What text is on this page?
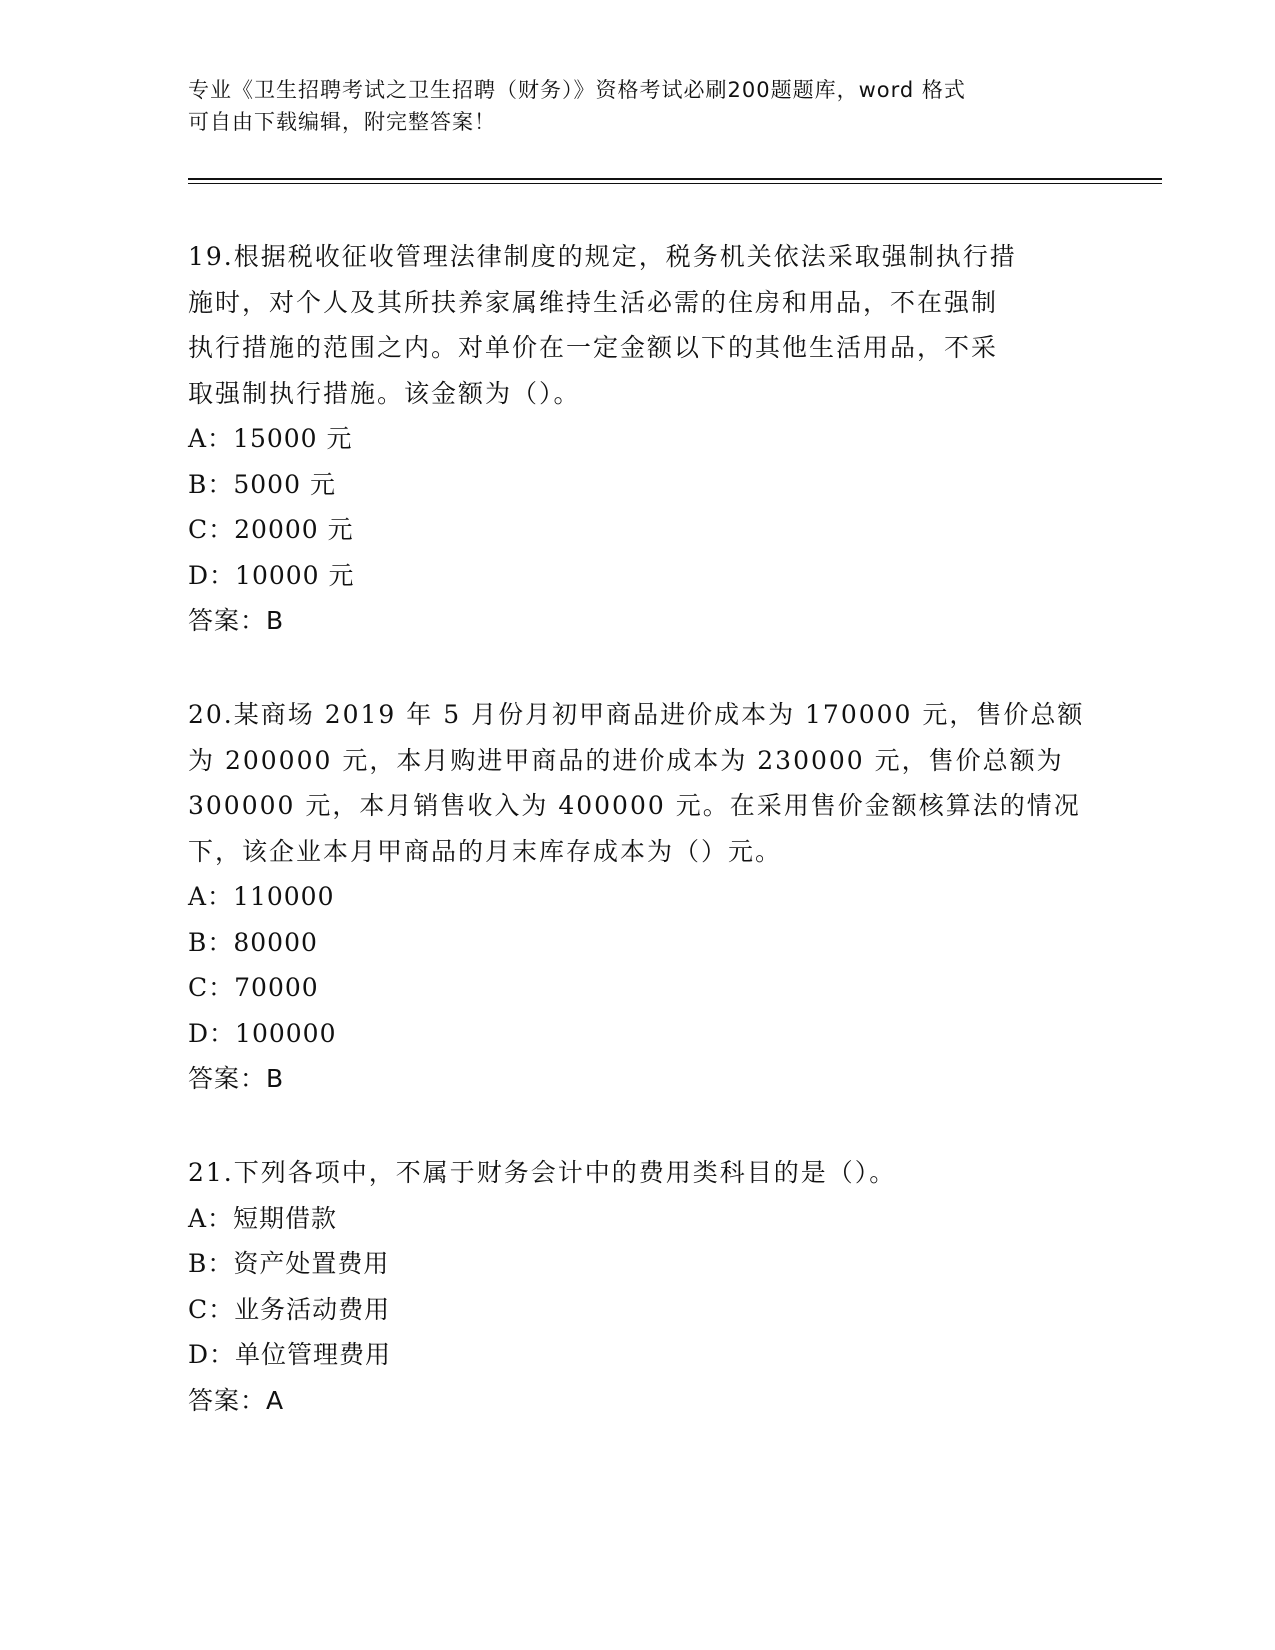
专业《卫生招聘考试之卫生招聘（财务）》资格考试必刷200题题库，word 格式
可自由下载编辑，附完整答案！
19.根据税收征收管理法律制度的规定，税务机关依法采取强制执行措
施时，对个人及其所扶养家属维持生活必需的住房和用品，不在强制
执行措施的范围之内。对单价在一定金额以下的其他生活用品，不采
取强制执行措施。该金额为（）。
A：15000 元
B：5000 元
C：20000 元
D：10000 元
答案：B
20.某商场 2019 年 5 月份月初甲商品进价成本为 170000 元，售价总额
为 200000 元，本月购进甲商品的进价成本为 230000 元，售价总额为
300000 元，本月销售收入为 400000 元。在采用售价金额核算法的情况
下，该企业本月甲商品的月末库存成本为（）元。
A：110000
B：80000
C：70000
D：100000
答案：B
21.下列各项中，不属于财务会计中的费用类科目的是（）。
A：短期借款
B：资产处置费用
C：业务活动费用
D：单位管理费用
答案：A
